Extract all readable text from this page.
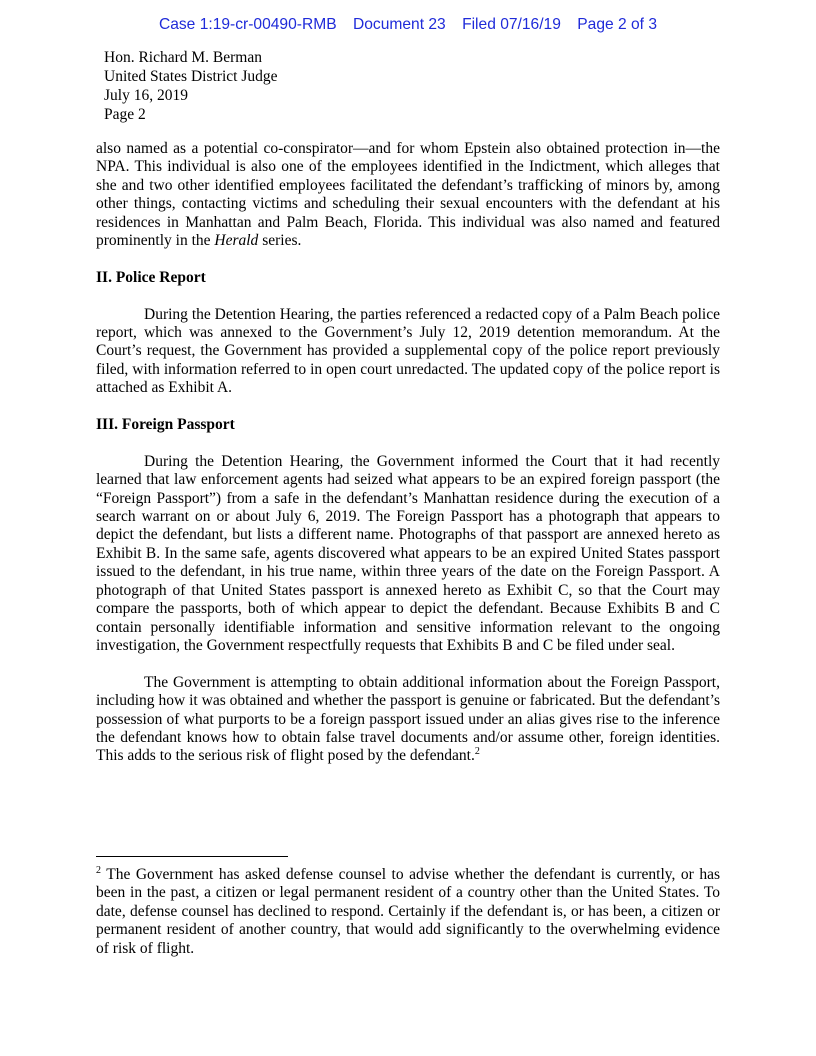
Case 1:19-cr-00490-RMB Document 23 Filed 07/16/19 Page 2 of 3
Hon. Richard M. Berman
United States District Judge
July 16, 2019
Page 2

also named as a potential co-conspirator—and for whom Epstein also obtained protection in—the NPA. This individual is also one of the employees identified in the Indictment, which alleges that she and two other identified employees facilitated the defendant’s trafficking of minors by, among other things, contacting victims and scheduling their sexual encounters with the defendant at his residences in Manhattan and Palm Beach, Florida. This individual was also named and featured prominently in the Herald series.

II. Police Report

During the Detention Hearing, the parties referenced a redacted copy of a Palm Beach police report, which was annexed to the Government’s July 12, 2019 detention memorandum. At the Court’s request, the Government has provided a supplemental copy of the police report previously filed, with information referred to in open court unredacted. The updated copy of the police report is attached as Exhibit A.

III. Foreign Passport

During the Detention Hearing, the Government informed the Court that it had recently learned that law enforcement agents had seized what appears to be an expired foreign passport (the “Foreign Passport”) from a safe in the defendant’s Manhattan residence during the execution of a search warrant on or about July 6, 2019. The Foreign Passport has a photograph that appears to depict the defendant, but lists a different name. Photographs of that passport are annexed hereto as Exhibit B. In the same safe, agents discovered what appears to be an expired United States passport issued to the defendant, in his true name, within three years of the date on the Foreign Passport. A photograph of that United States passport is annexed hereto as Exhibit C, so that the Court may compare the passports, both of which appear to depict the defendant. Because Exhibits B and C contain personally identifiable information and sensitive information relevant to the ongoing investigation, the Government respectfully requests that Exhibits B and C be filed under seal.

The Government is attempting to obtain additional information about the Foreign Passport, including how it was obtained and whether the passport is genuine or fabricated. But the defendant’s possession of what purports to be a foreign passport issued under an alias gives rise to the inference the defendant knows how to obtain false travel documents and/or assume other, foreign identities. This adds to the serious risk of flight posed by the defendant.$^2$

$^2$ The Government has asked defense counsel to advise whether the defendant is currently, or has been in the past, a citizen or legal permanent resident of a country other than the United States. To date, defense counsel has declined to respond. Certainly if the defendant is, or has been, a citizen or permanent resident of another country, that would add significantly to the overwhelming evidence of risk of flight.
